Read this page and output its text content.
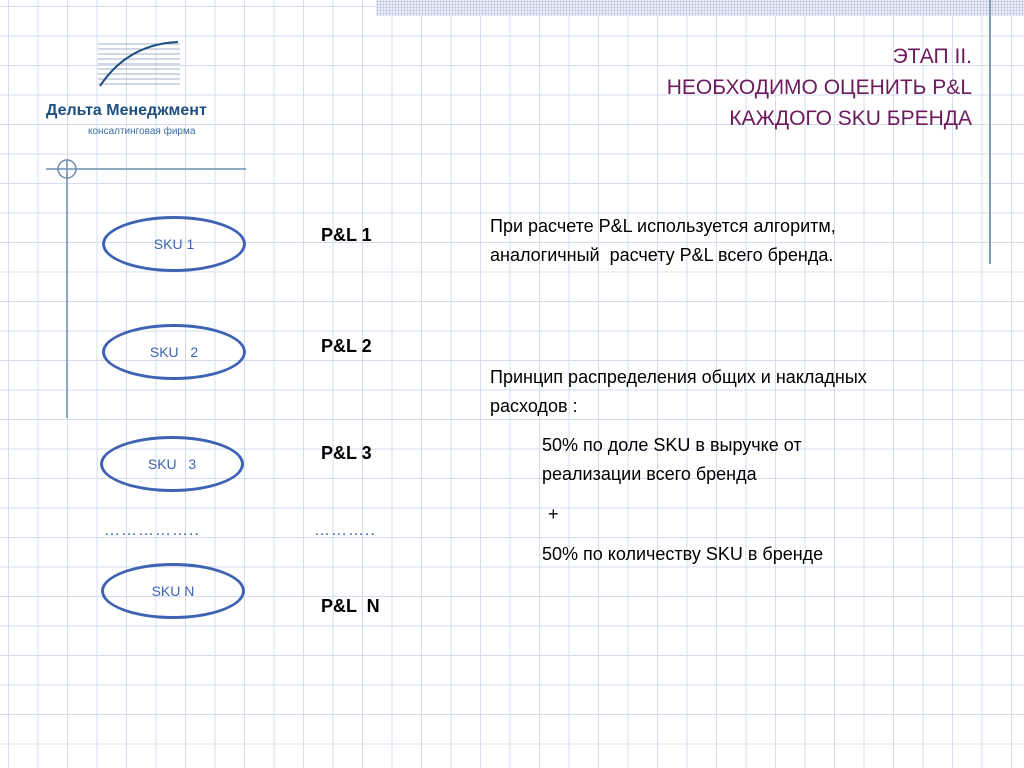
Дельта Менеджмент
консалтинговая фирма
ЭТАП II.
НЕОБХОДИМО ОЦЕНИТЬ P&L
КАЖДОГО SKU БРЕНДА
SKU 1
SKU   2
SKU   3
SKU N
P&L 1
P&L 2
P&L 3
P&L  N
……………..	………..
При расчете P&L используется алгоритм,
аналогичный  расчету P&L всего бренда.
Принцип распределения общих и накладных
расходов :
50% по доле SKU в выручке от
реализации всего бренда
+
50% по количеству SKU в бренде
